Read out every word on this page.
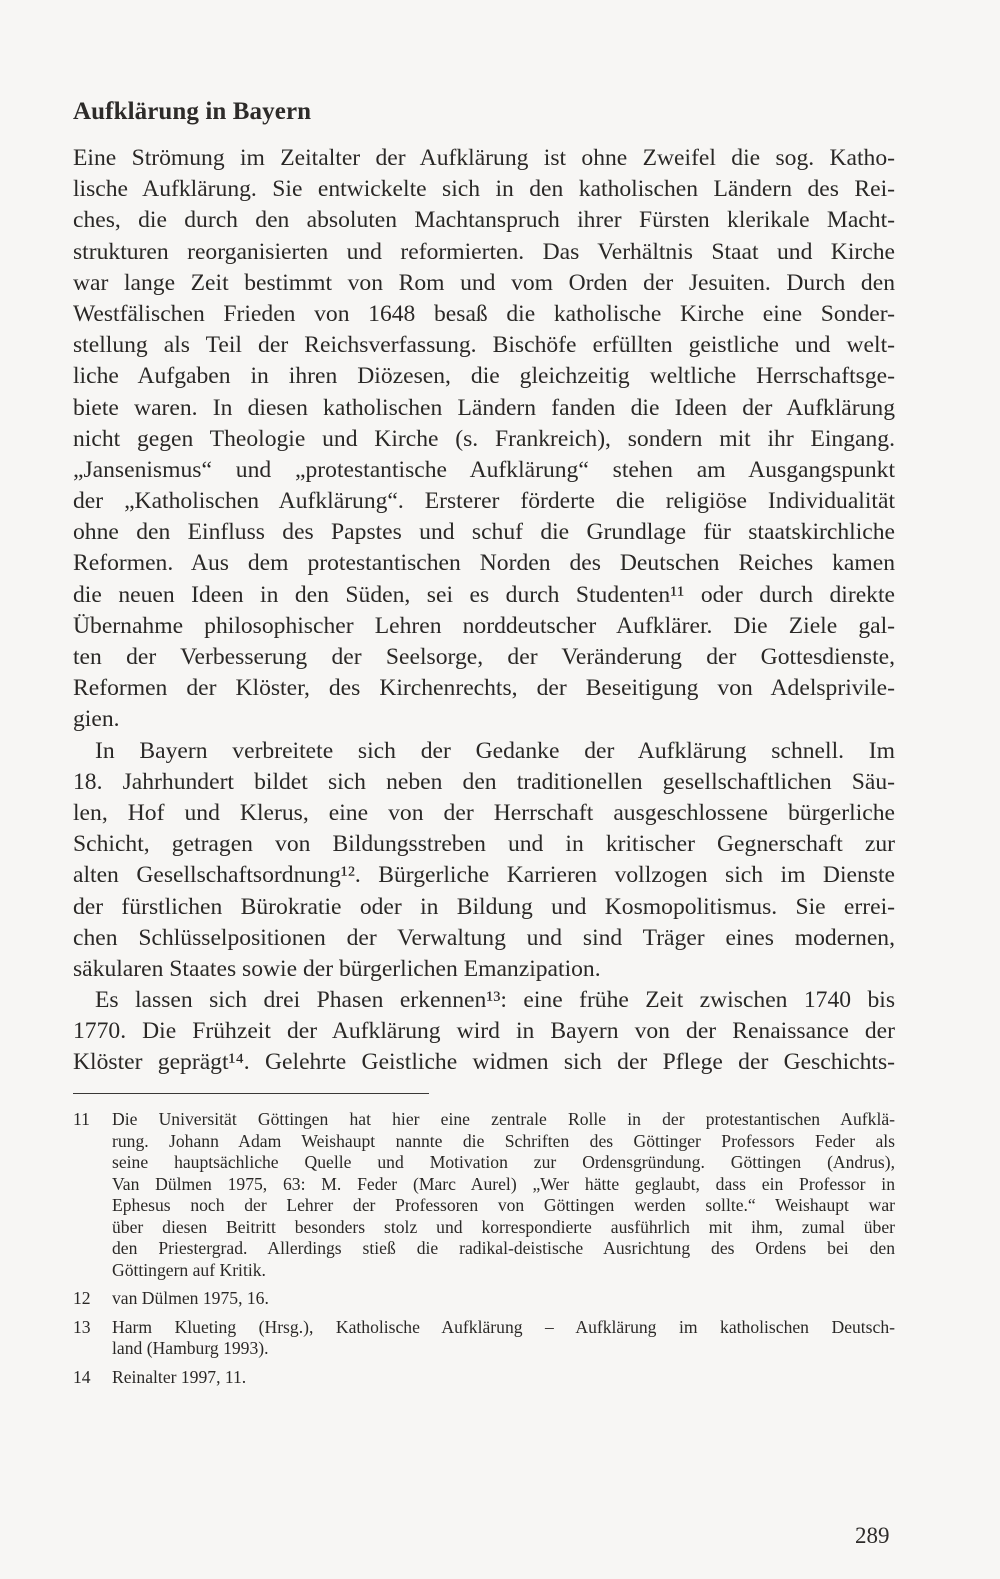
Aufklärung in Bayern
Eine Strömung im Zeitalter der Aufklärung ist ohne Zweifel die sog. Katho-
lische Aufklärung. Sie entwickelte sich in den katholischen Ländern des Rei-
ches, die durch den absoluten Machtanspruch ihrer Fürsten klerikale Macht-
strukturen reorganisierten und reformierten. Das Verhältnis Staat und Kirche
war lange Zeit bestimmt von Rom und vom Orden der Jesuiten. Durch den
Westfälischen Frieden von 1648 besaß die katholische Kirche eine Sonder-
stellung als Teil der Reichsverfassung. Bischöfe erfüllten geistliche und welt-
liche Aufgaben in ihren Diözesen, die gleichzeitig weltliche Herrschaftsge-
biete waren. In diesen katholischen Ländern fanden die Ideen der Aufklärung
nicht gegen Theologie und Kirche (s. Frankreich), sondern mit ihr Eingang.
„Jansenismus“ und „protestantische Aufklärung“ stehen am Ausgangspunkt
der „Katholischen Aufklärung“. Ersterer förderte die religiöse Individualität
ohne den Einfluss des Papstes und schuf die Grundlage für staatskirchliche
Reformen. Aus dem protestantischen Norden des Deutschen Reiches kamen
die neuen Ideen in den Süden, sei es durch Studenten¹¹ oder durch direkte
Übernahme philosophischer Lehren norddeutscher Aufklärer. Die Ziele gal-
ten der Verbesserung der Seelsorge, der Veränderung der Gottesdienste,
Reformen der Klöster, des Kirchenrechts, der Beseitigung von Adelsprivile-
gien.
In Bayern verbreitete sich der Gedanke der Aufklärung schnell. Im
18. Jahrhundert bildet sich neben den traditionellen gesellschaftlichen Säu-
len, Hof und Klerus, eine von der Herrschaft ausgeschlossene bürgerliche
Schicht, getragen von Bildungsstreben und in kritischer Gegnerschaft zur
alten Gesellschaftsordnung¹². Bürgerliche Karrieren vollzogen sich im Dienste
der fürstlichen Bürokratie oder in Bildung und Kosmopolitismus. Sie errei-
chen Schlüsselpositionen der Verwaltung und sind Träger eines modernen,
säkularen Staates sowie der bürgerlichen Emanzipation.
Es lassen sich drei Phasen erkennen¹³: eine frühe Zeit zwischen 1740 bis
1770. Die Frühzeit der Aufklärung wird in Bayern von der Renaissance der
Klöster geprägt¹⁴. Gelehrte Geistliche widmen sich der Pflege der Geschichts-
11	Die Universität Göttingen hat hier eine zentrale Rolle in der protestantischen Aufklä-
rung. Johann Adam Weishaupt nannte die Schriften des Göttinger Professors Feder als
seine hauptsächliche Quelle und Motivation zur Ordensgründung. Göttingen (Andrus),
Van Dülmen 1975, 63: M. Feder (Marc Aurel) „Wer hätte geglaubt, dass ein Professor in
Ephesus noch der Lehrer der Professoren von Göttingen werden sollte.“ Weishaupt war
über diesen Beitritt besonders stolz und korrespondierte ausführlich mit ihm, zumal über
den Priestergrad. Allerdings stieß die radikal-deistische Ausrichtung des Ordens bei den
Göttingern auf Kritik.
12	van Dülmen 1975, 16.
13	Harm Klueting (Hrsg.), Katholische Aufklärung – Aufklärung im katholischen Deutsch-
land (Hamburg 1993).
14	Reinalter 1997, 11.
289
